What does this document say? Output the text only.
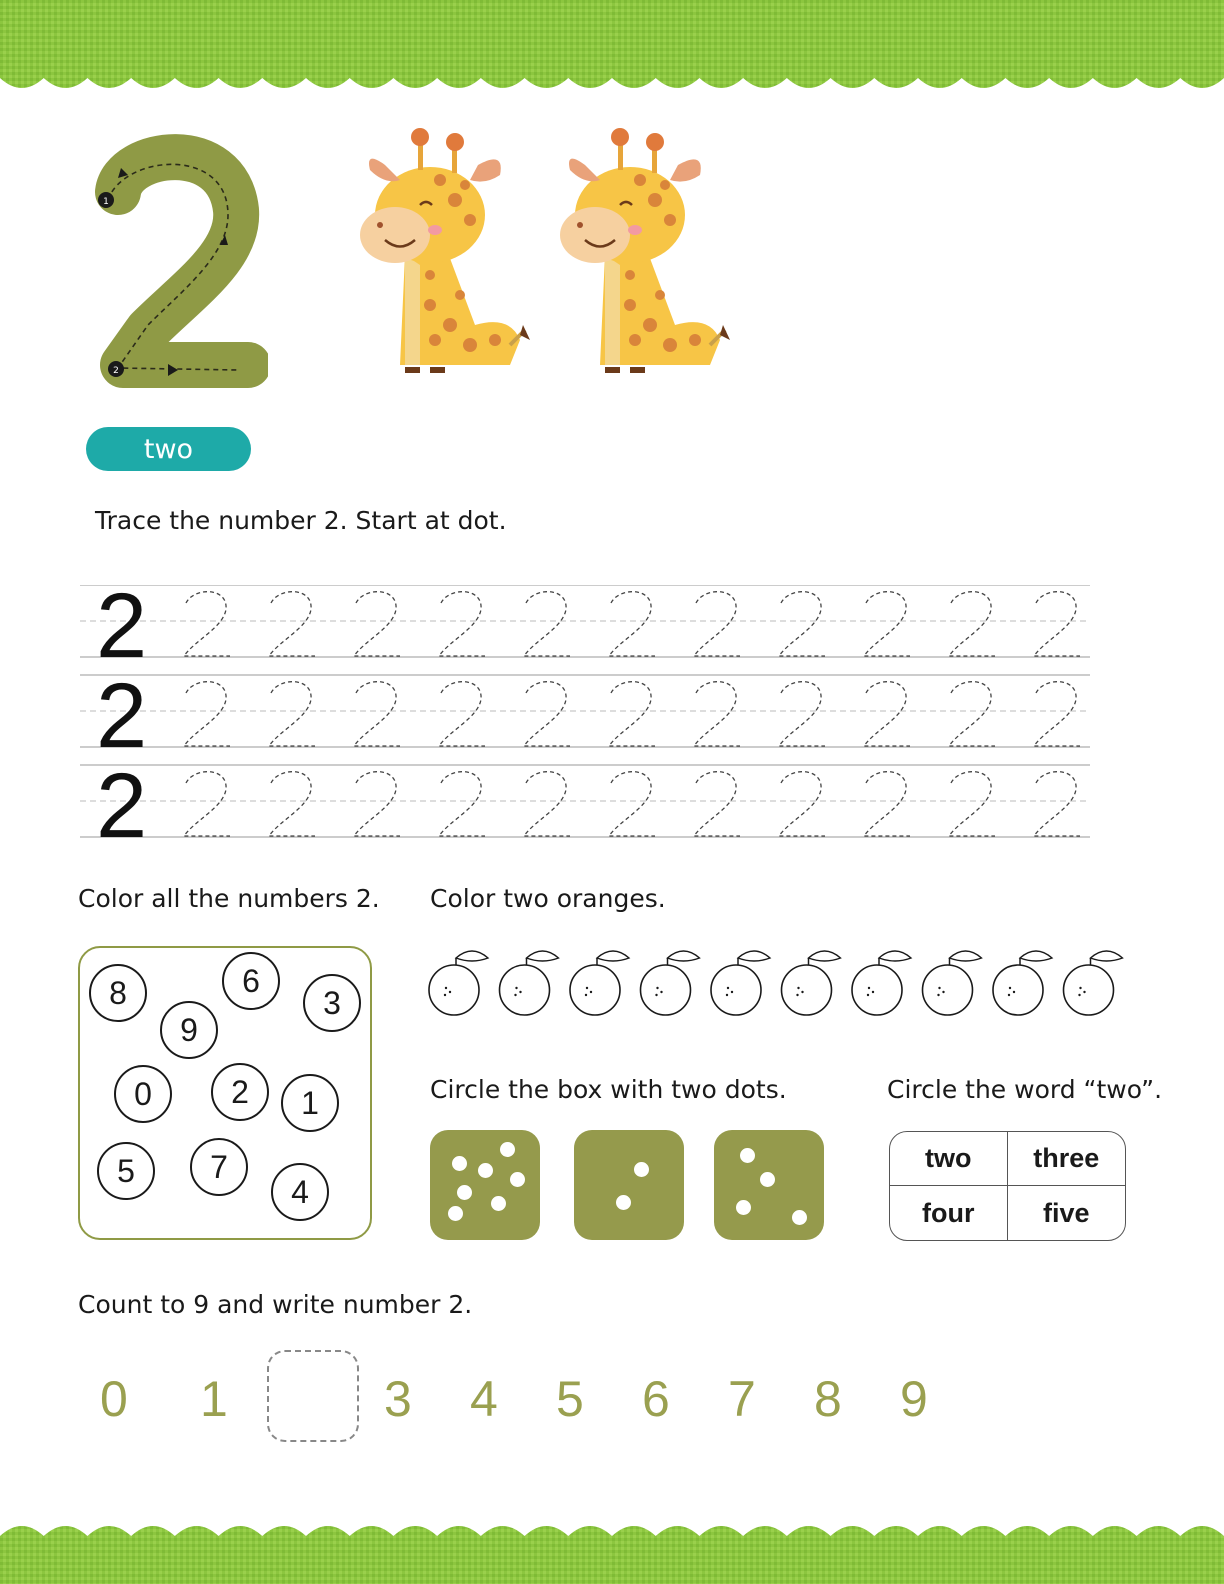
1
2
two
Trace the number 2. Start at dot.
2
2
2
Color all the numbers 2.
8	6
3
9
0	2	1
5	7
4
Color two oranges.
Circle the box with two dots.	Circle the word “two”.
two	three
four	five
Count to 9 and write number 2.
0 1	3 4 5 6 7 8 9
